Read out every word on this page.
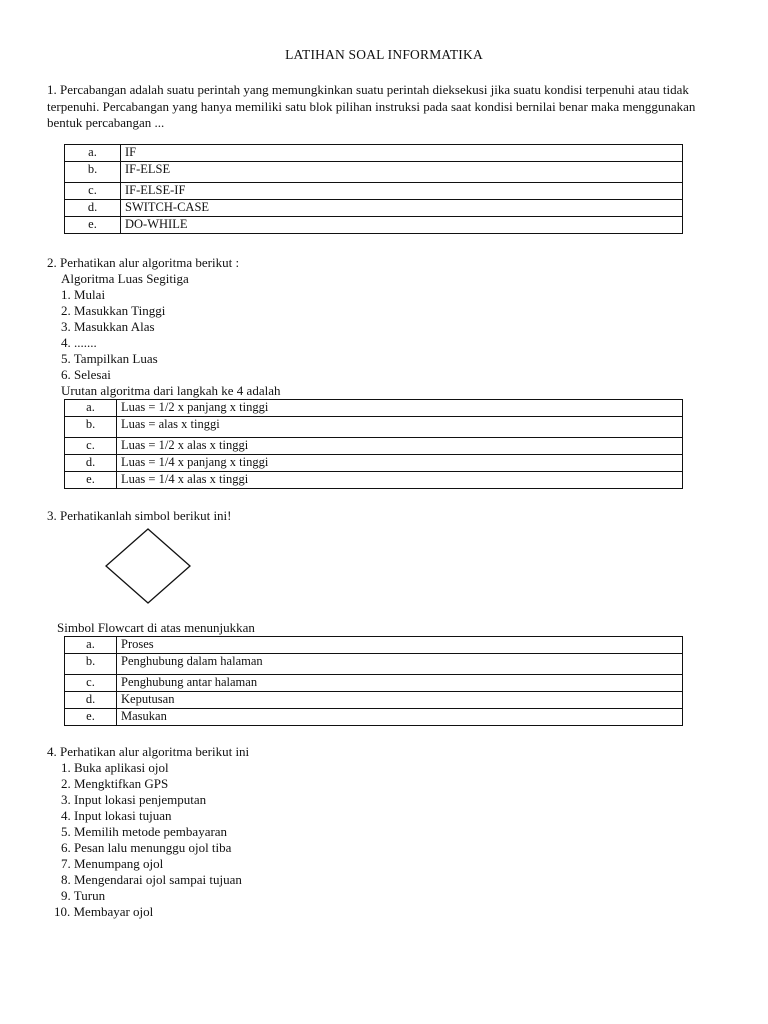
LATIHAN SOAL INFORMATIKA
1. Percabangan adalah suatu perintah yang memungkinkan suatu perintah dieksekusi jika suatu kondisi terpenuhi atau tidak terpenuhi. Percabangan yang hanya memiliki satu blok pilihan instruksi pada saat kondisi bernilai benar maka menggunakan bentuk percabangan ...
a.	IF
b.	IF-ELSE
c.	IF-ELSE-IF
d.	SWITCH-CASE
e.	DO-WHILE
2. Perhatikan alur algoritma berikut :
Algoritma Luas Segitiga
1. Mulai
2. Masukkan Tinggi
3. Masukkan Alas
4. .......
5. Tampilkan Luas
6. Selesai
Urutan algoritma dari langkah ke 4 adalah
a.	Luas = 1/2 x panjang x tinggi
b.	Luas = alas x tinggi
c.	Luas = 1/2 x alas x tinggi
d.	Luas = 1/4 x panjang x tinggi
e.	Luas = 1/4 x alas x tinggi
3. Perhatikanlah simbol berikut ini!
Simbol Flowcart di atas menunjukkan
a.	Proses
b.	Penghubung dalam halaman
c.	Penghubung antar halaman
d.	Keputusan
e.	Masukan
4. Perhatikan alur algoritma berikut ini
1. Buka aplikasi ojol
2. Mengktifkan GPS
3. Input lokasi penjemputan
4. Input lokasi tujuan
5. Memilih metode pembayaran
6. Pesan lalu menunggu ojol tiba
7. Menumpang ojol
8. Mengendarai ojol sampai tujuan
9. Turun
10. Membayar ojol
